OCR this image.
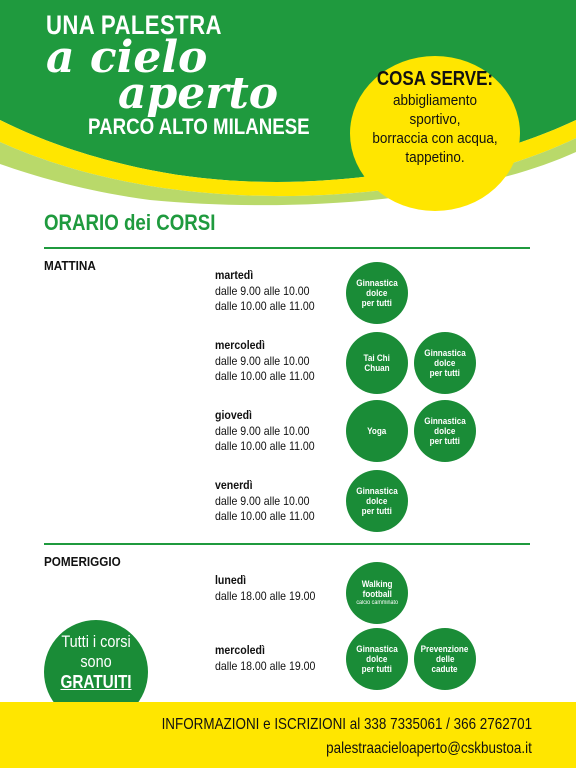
UNA PALESTRA
a cielo
aperto
PARCO ALTO MILANESE
COSA SERVE:
abbigliamento
sportivo,
borraccia con acqua,
tappetino.
ORARIO dei CORSI
MATTINA
martedì
dalle 9.00 alle 10.00
dalle 10.00 alle 11.00
Ginnastica
dolce
per tutti
mercoledì
dalle 9.00 alle 10.00
dalle 10.00 alle 11.00
Tai Chi
Chuan
Ginnastica
dolce
per tutti
giovedì
dalle 9.00 alle 10.00
dalle 10.00 alle 11.00
Yoga
Ginnastica
dolce
per tutti
venerdì
dalle 9.00 alle 10.00
dalle 10.00 alle 11.00
Ginnastica
dolce
per tutti
POMERIGGIO
lunedì
dalle 18.00 alle 19.00
Walking
football
calcio camminato
mercoledì
dalle 18.00 alle 19.00
Ginnastica
dolce
per tutti
Prevenzione
delle
cadute
Tutti i corsi
sono
GRATUITI
INFORMAZIONI e ISCRIZIONI al 338 7335061 / 366 2762701
palestraacieloaperto@cskbustoa.it
